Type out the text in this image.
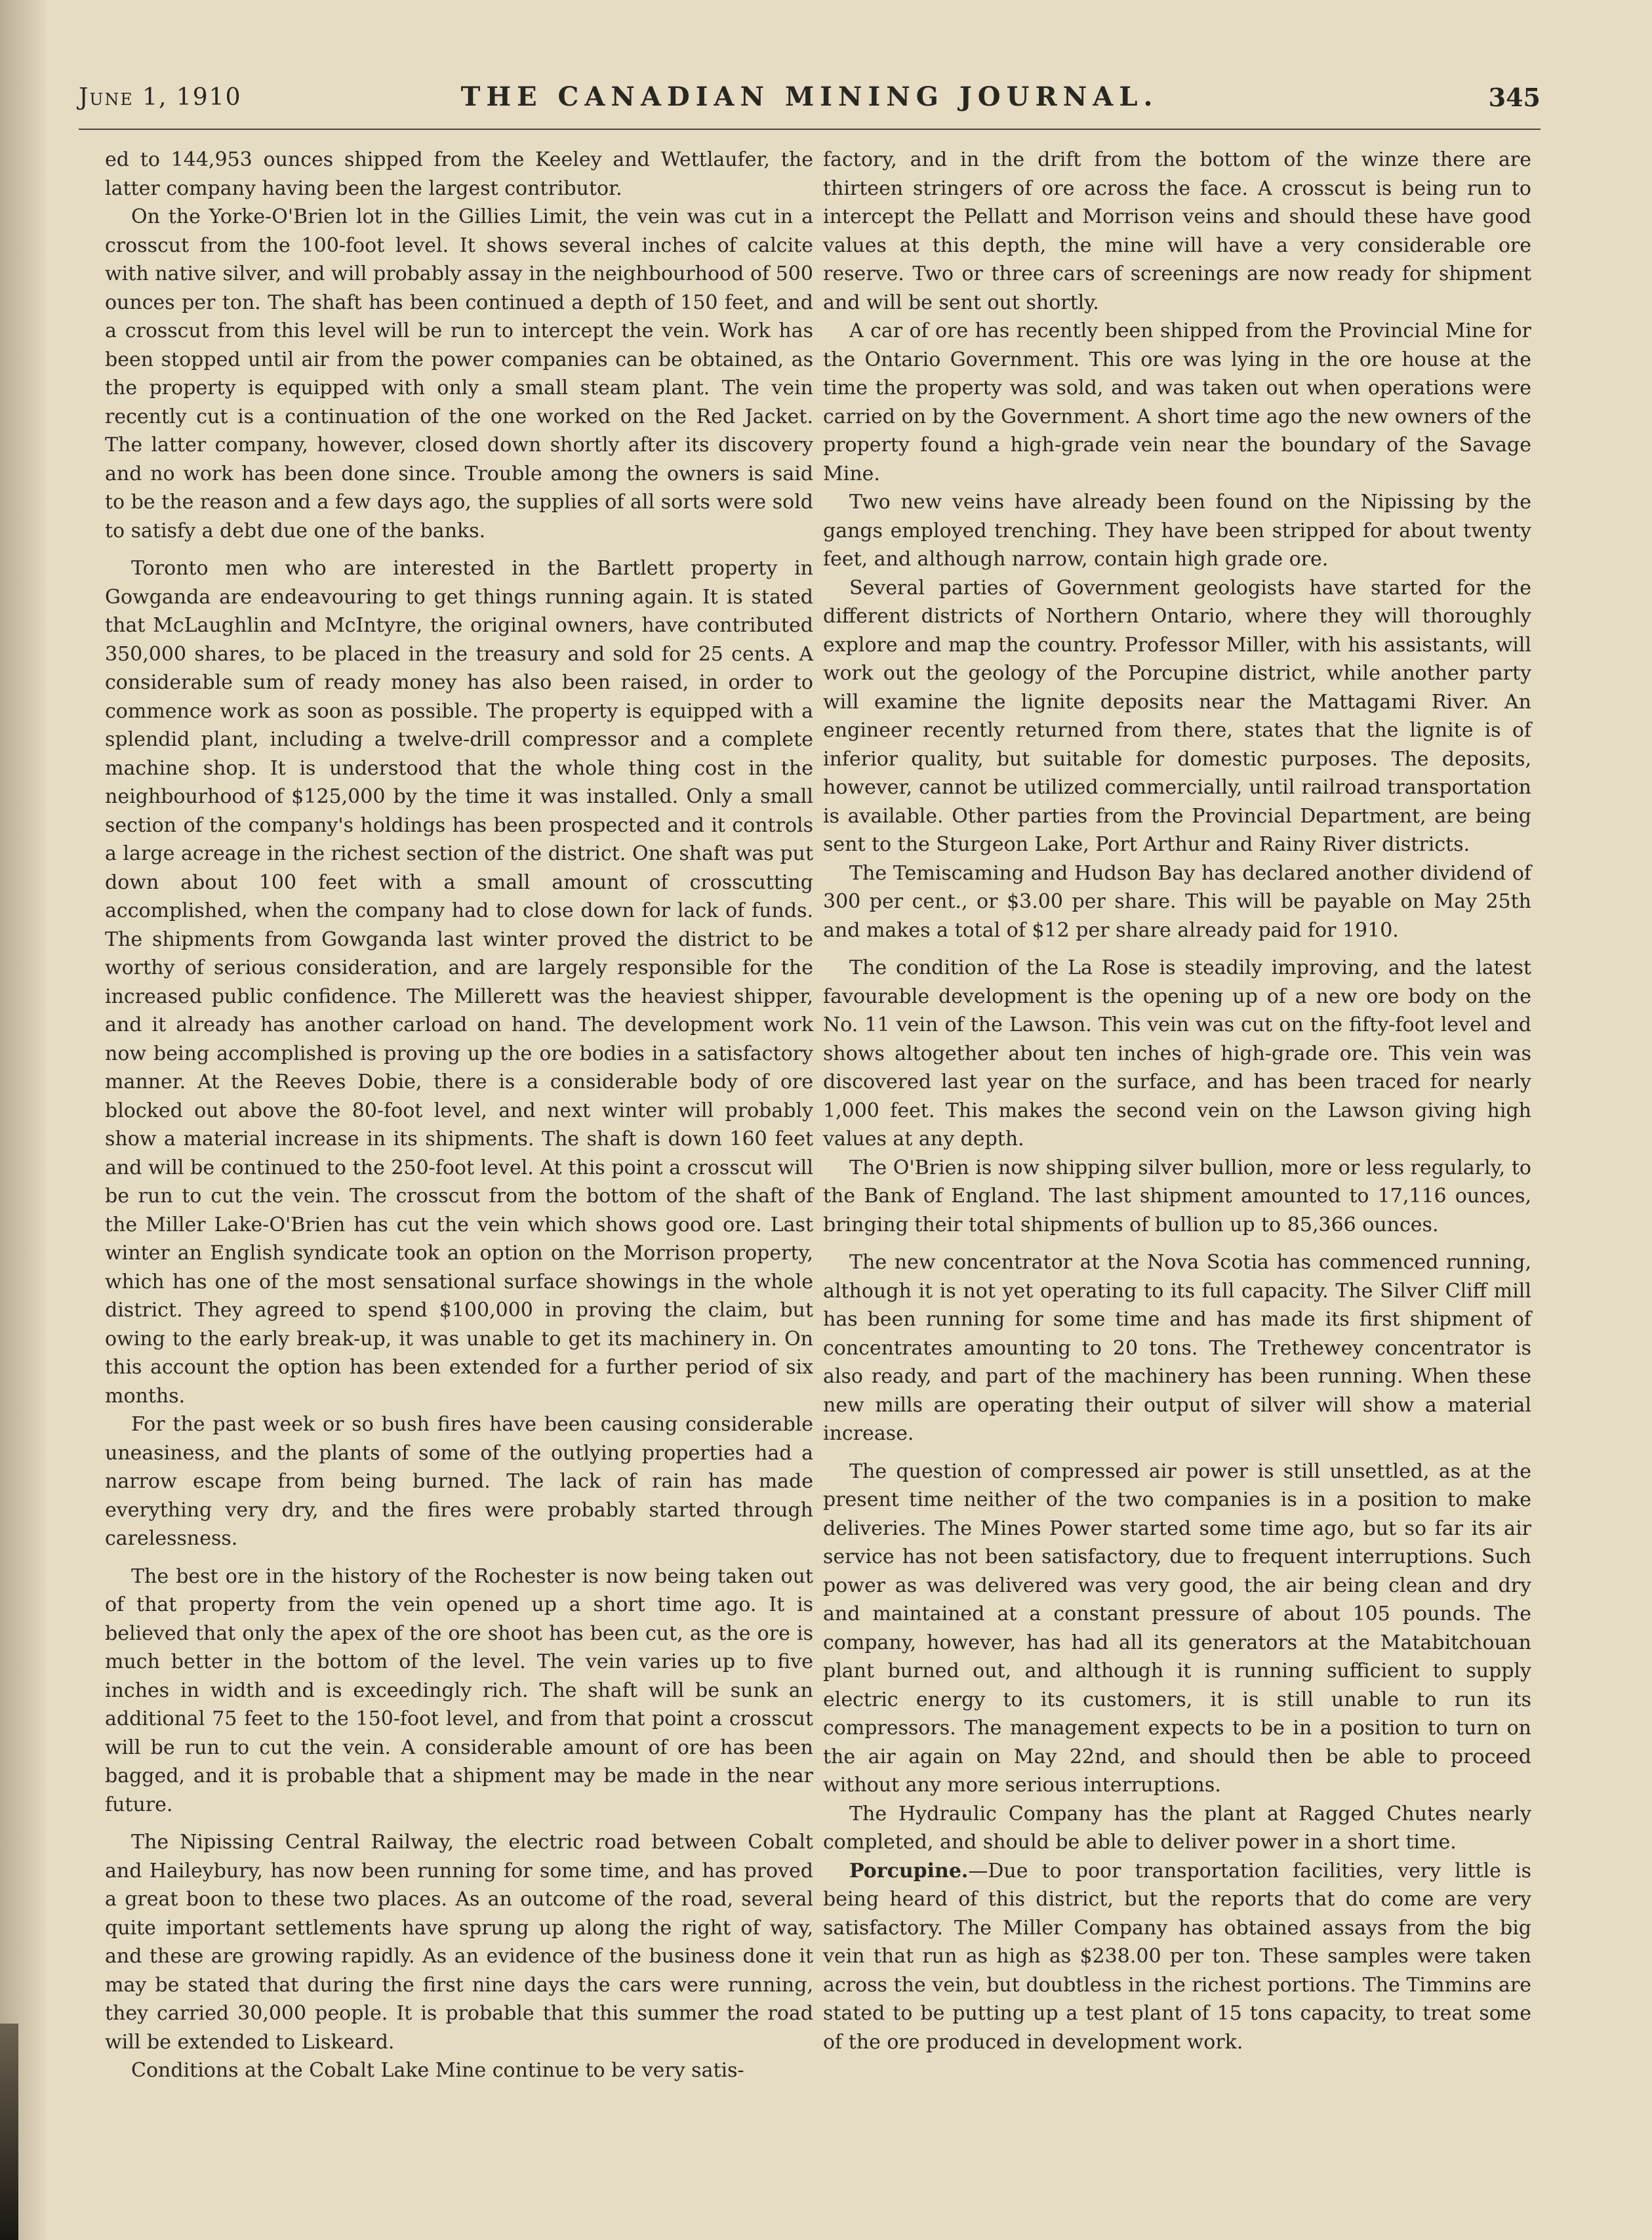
June 1, 1910	THE CANADIAN MINING JOURNAL.	345

ed to 144,953 ounces shipped from the Keeley and Wettlaufer, the latter company having been the largest contributor.

On the Yorke-O'Brien lot in the Gillies Limit, the vein was cut in a crosscut from the 100-foot level. It shows several inches of calcite with native silver, and will probably assay in the neighbourhood of 500 ounces per ton. The shaft has been continued a depth of 150 feet, and a crosscut from this level will be run to intercept the vein. Work has been stopped until air from the power companies can be obtained, as the property is equipped with only a small steam plant. The vein recently cut is a continuation of the one worked on the Red Jacket. The latter company, however, closed down shortly after its discovery and no work has been done since. Trouble among the owners is said to be the reason and a few days ago, the supplies of all sorts were sold to satisfy a debt due one of the banks.

Toronto men who are interested in the Bartlett property in Gowganda are endeavouring to get things running again. It is stated that McLaughlin and McIntyre, the original owners, have contributed 350,000 shares, to be placed in the treasury and sold for 25 cents. A considerable sum of ready money has also been raised, in order to commence work as soon as possible. The property is equipped with a splendid plant, including a twelve-drill compressor and a complete machine shop. It is understood that the whole thing cost in the neighbourhood of $125,000 by the time it was installed. Only a small section of the company's holdings has been prospected and it controls a large acreage in the richest section of the district. One shaft was put down about 100 feet with a small amount of crosscutting accomplished, when the company had to close down for lack of funds. The shipments from Gowganda last winter proved the district to be worthy of serious consideration, and are largely responsible for the increased public confidence. The Millerett was the heaviest shipper, and it already has another carload on hand. The development work now being accomplished is proving up the ore bodies in a satisfactory manner. At the Reeves Dobie, there is a considerable body of ore blocked out above the 80-foot level, and next winter will probably show a material increase in its shipments. The shaft is down 160 feet and will be continued to the 250-foot level. At this point a crosscut will be run to cut the vein. The crosscut from the bottom of the shaft of the Miller Lake-O'Brien has cut the vein which shows good ore. Last winter an English syndicate took an option on the Morrison property, which has one of the most sensational surface showings in the whole district. They agreed to spend $100,000 in proving the claim, but owing to the early break-up, it was unable to get its machinery in. On this account the option has been extended for a further period of six months.

For the past week or so bush fires have been causing considerable uneasiness, and the plants of some of the outlying properties had a narrow escape from being burned. The lack of rain has made everything very dry, and the fires were probably started through carelessness.

The best ore in the history of the Rochester is now being taken out of that property from the vein opened up a short time ago. It is believed that only the apex of the ore shoot has been cut, as the ore is much better in the bottom of the level. The vein varies up to five inches in width and is exceedingly rich. The shaft will be sunk an additional 75 feet to the 150-foot level, and from that point a crosscut will be run to cut the vein. A considerable amount of ore has been bagged, and it is probable that a shipment may be made in the near future.

The Nipissing Central Railway, the electric road between Cobalt and Haileybury, has now been running for some time, and has proved a great boon to these two places. As an outcome of the road, several quite important settlements have sprung up along the right of way, and these are growing rapidly. As an evidence of the business done it may be stated that during the first nine days the cars were running, they carried 30,000 people. It is probable that this summer the road will be extended to Liskeard.

Conditions at the Cobalt Lake Mine continue to be very satis-

factory, and in the drift from the bottom of the winze there are thirteen stringers of ore across the face. A crosscut is being run to intercept the Pellatt and Morrison veins and should these have good values at this depth, the mine will have a very considerable ore reserve. Two or three cars of screenings are now ready for shipment and will be sent out shortly.

A car of ore has recently been shipped from the Provincial Mine for the Ontario Government. This ore was lying in the ore house at the time the property was sold, and was taken out when operations were carried on by the Government. A short time ago the new owners of the property found a high-grade vein near the boundary of the Savage Mine.

Two new veins have already been found on the Nipissing by the gangs employed trenching. They have been stripped for about twenty feet, and although narrow, contain high grade ore.

Several parties of Government geologists have started for the different districts of Northern Ontario, where they will thoroughly explore and map the country. Professor Miller, with his assistants, will work out the geology of the Porcupine district, while another party will examine the lignite deposits near the Mattagami River. An engineer recently returned from there, states that the lignite is of inferior quality, but suitable for domestic purposes. The deposits, however, cannot be utilized commercially, until railroad transportation is available. Other parties from the Provincial Department, are being sent to the Sturgeon Lake, Port Arthur and Rainy River districts.

The Temiscaming and Hudson Bay has declared another dividend of 300 per cent., or $3.00 per share. This will be payable on May 25th and makes a total of $12 per share already paid for 1910.

The condition of the La Rose is steadily improving, and the latest favourable development is the opening up of a new ore body on the No. 11 vein of the Lawson. This vein was cut on the fifty-foot level and shows altogether about ten inches of high-grade ore. This vein was discovered last year on the surface, and has been traced for nearly 1,000 feet. This makes the second vein on the Lawson giving high values at any depth.

The O'Brien is now shipping silver bullion, more or less regularly, to the Bank of England. The last shipment amounted to 17,116 ounces, bringing their total shipments of bullion up to 85,366 ounces.

The new concentrator at the Nova Scotia has commenced running, although it is not yet operating to its full capacity. The Silver Cliff mill has been running for some time and has made its first shipment of concentrates amounting to 20 tons. The Trethewey concentrator is also ready, and part of the machinery has been running. When these new mills are operating their output of silver will show a material increase.

The question of compressed air power is still unsettled, as at the present time neither of the two companies is in a position to make deliveries. The Mines Power started some time ago, but so far its air service has not been satisfactory, due to frequent interruptions. Such power as was delivered was very good, the air being clean and dry and maintained at a constant pressure of about 105 pounds. The company, however, has had all its generators at the Matabitchouan plant burned out, and although it is running sufficient to supply electric energy to its customers, it is still unable to run its compressors. The management expects to be in a position to turn on the air again on May 22nd, and should then be able to proceed without any more serious interruptions.

The Hydraulic Company has the plant at Ragged Chutes nearly completed, and should be able to deliver power in a short time.

Porcupine.—Due to poor transportation facilities, very little is being heard of this district, but the reports that do come are very satisfactory. The Miller Company has obtained assays from the big vein that run as high as $238.00 per ton. These samples were taken across the vein, but doubtless in the richest portions. The Timmins are stated to be putting up a test plant of 15 tons capacity, to treat some of the ore produced in development work.
